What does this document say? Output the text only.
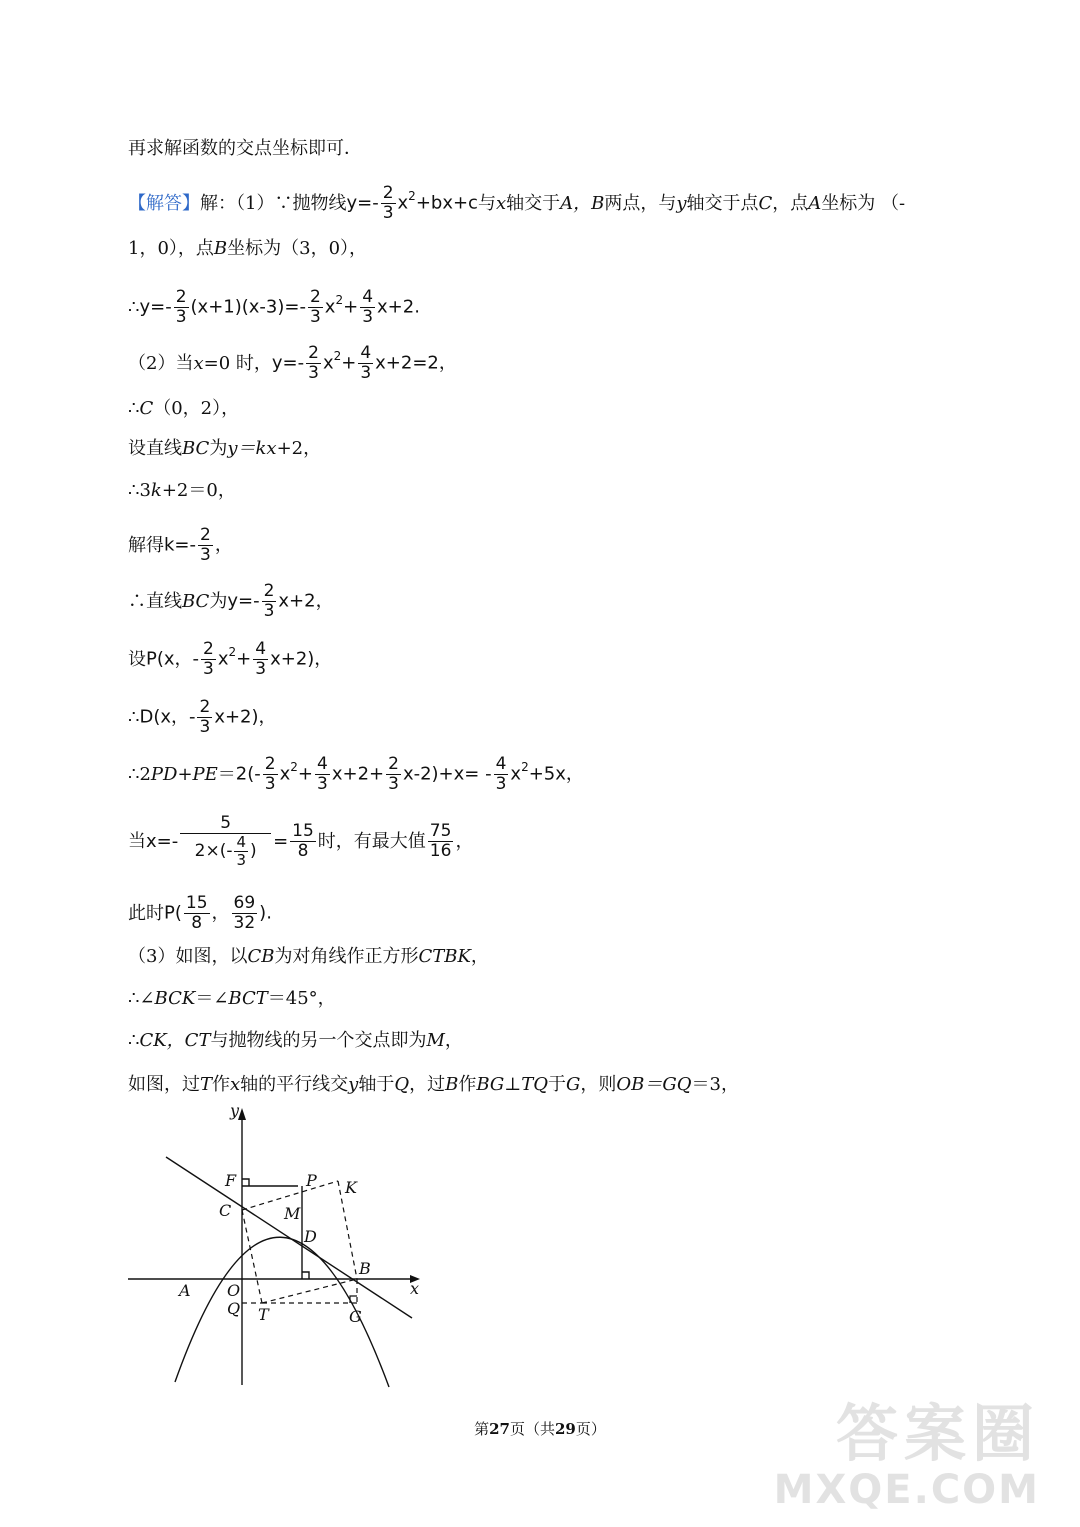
再求解函数的交点坐标即可．
【解答】 解：（1）∵抛物线 $y=- \frac{2}{3} x^2+bx+c$ 与 x 轴交于 A，B 两点，与 y 轴交于点 C ，点 A 坐标为 （-
1，0），点 B 坐标为（3，0），
∴ $y=- \frac{2}{3} (x+1)(x-3)=- \frac{2}{3} x^2+ \frac{4}{3} x+2$.
（2）当 x =0 时， $y=- \frac{2}{3} x^2+ \frac{4}{3} x+2=2$，
∴ C （0，2），
设直线 BC 为 y＝kx +2，
∴3 k +2＝0，
解得 $k=- \frac{2}{3}$ ，
∴直线 BC 为 $y=- \frac{2}{3} x+2$，
设 P(x，- $\frac{2}{3} x^2+ \frac{4}{3} x+2$)，
∴ D(x，- $\frac{2}{3} x+2$)，
∴2 $PD+PE = 2(- \frac{2}{3} x^2+ \frac{4}{3} x+2+ \frac{2}{3} x-2)+x= - \frac{4}{3} x^2+5x$，
当 $x=- \frac{5}{2\times(- \frac{4}{3} )} = \frac{15}{8}$ 时，有最大值 $\frac{75}{16}$ ，
此时 $P( \frac{15}{8}$ ， $\frac{69}{32}$ ).
（3）如图，以 CB 为对角线作正方形 CTBK ，
∴∠ BCK ＝∠ BCT ＝45°，
∴ CK，CT 与抛物线的另一个交点即为 M ，
如图，过 T 作 x 轴的平行线交 y 轴于 Q ，过 B 作 BG⊥TQ 于 G ，则 OB＝GQ ＝3，
y
x
F	P K
C	M
D
B
A O
Q T	G
第27页（共29页）	答案圈
MXQE.COM
